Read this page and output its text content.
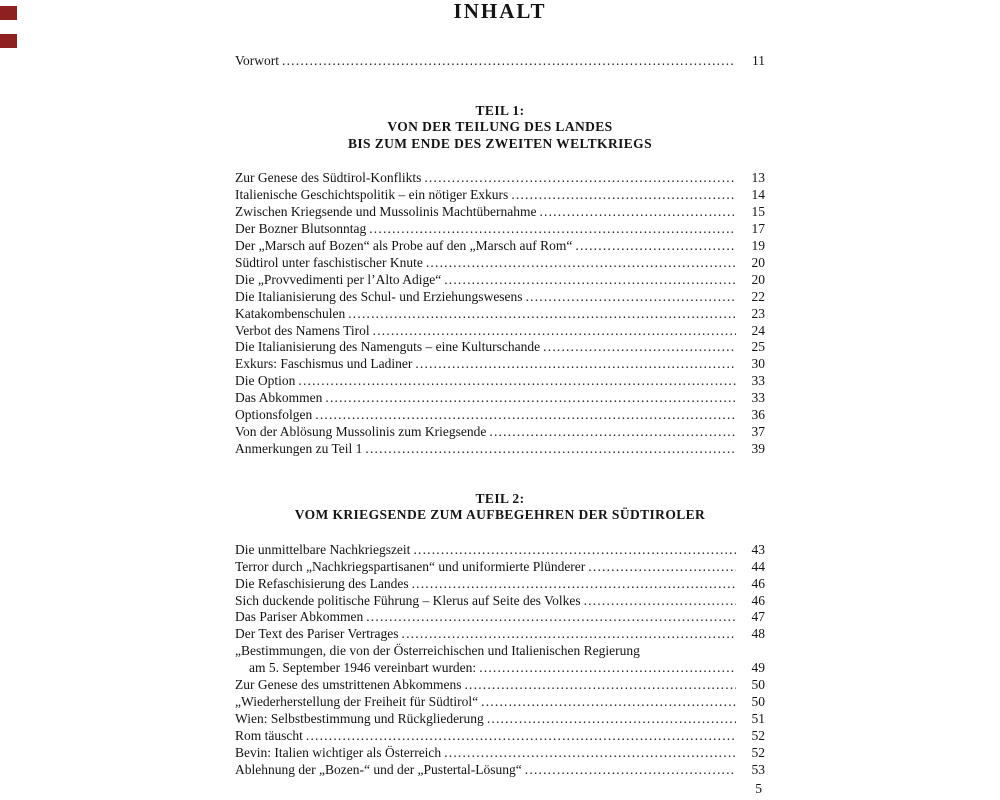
INHALT
Vorwort .....	11
TEIL 1:
VON DER TEILUNG DES LANDES
BIS ZUM ENDE DES ZWEITEN WELTKRIEGS
Zur Genese des Südtirol-Konflikts .....	13
Italienische Geschichtspolitik – ein nötiger Exkurs .....	14
Zwischen Kriegsende und Mussolinis Machtübernahme .....	15
Der Bozner Blutsonntag .....	17
Der „Marsch auf Bozen“ als Probe auf den „Marsch auf Rom“ .....	19
Südtirol unter faschistischer Knute .....	20
Die „Provvedimenti per l’Alto Adige“ .....	20
Die Italianisierung des Schul- und Erziehungswesens .....	22
Katakombenschulen .....	23
Verbot des Namens Tirol .....	24
Die Italianisierung des Namenguts – eine Kulturschande .....	25
Exkurs: Faschismus und Ladiner .....	30
Die Option .....	33
Das Abkommen .....	33
Optionsfolgen .....	36
Von der Ablösung Mussolinis zum Kriegsende .....	37
Anmerkungen zu Teil 1 .....	39
TEIL 2:
VOM KRIEGSENDE ZUM AUFBEGEHREN DER SÜDTIROLER
Die unmittelbare Nachkriegszeit .....	43
Terror durch „Nachkriegspartisanen“ und uniformierte Plünderer .....	44
Die Refaschisierung des Landes .....	46
Sich duckende politische Führung – Klerus auf Seite des Volkes .....	46
Das Pariser Abkommen .....	47
Der Text des Pariser Vertrages .....	48
„Bestimmungen, die von der Österreichischen und Italienischen Regierung
am 5. September 1946 vereinbart wurden: .....	49
Zur Genese des umstrittenen Abkommens .....	50
„Wiederherstellung der Freiheit für Südtirol“ .....	50
Wien: Selbstbestimmung und Rückgliederung .....	51
Rom täuscht .....	52
Bevin: Italien wichtiger als Österreich .....	52
Ablehnung der „Bozen-“ und der „Pustertal-Lösung“ .....	53
5
